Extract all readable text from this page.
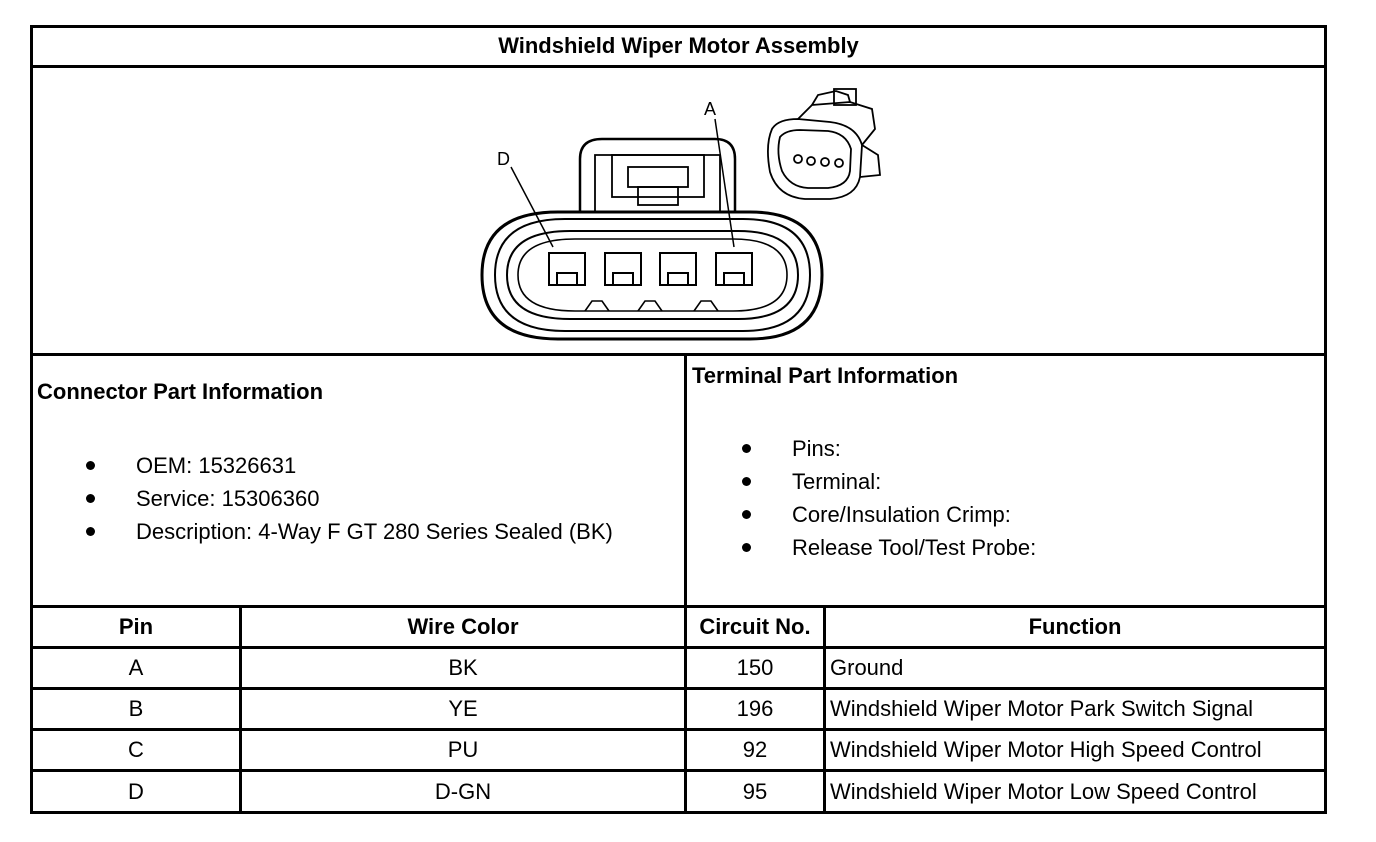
Windshield Wiper Motor Assembly
D
A
Connector Part Information
OEM: 15326631
Service: 15306360
Description: 4-Way F GT 280 Series Sealed (BK)
Terminal Part Information
Pins:
Terminal:
Core/Insulation Crimp:
Release Tool/Test Probe:
Pin	Wire Color	Circuit No.	Function
A	BK	150	Ground
B	YE	196	Windshield Wiper Motor Park Switch Signal
C	PU	92	Windshield Wiper Motor High Speed Control
D	D-GN	95	Windshield Wiper Motor Low Speed Control
